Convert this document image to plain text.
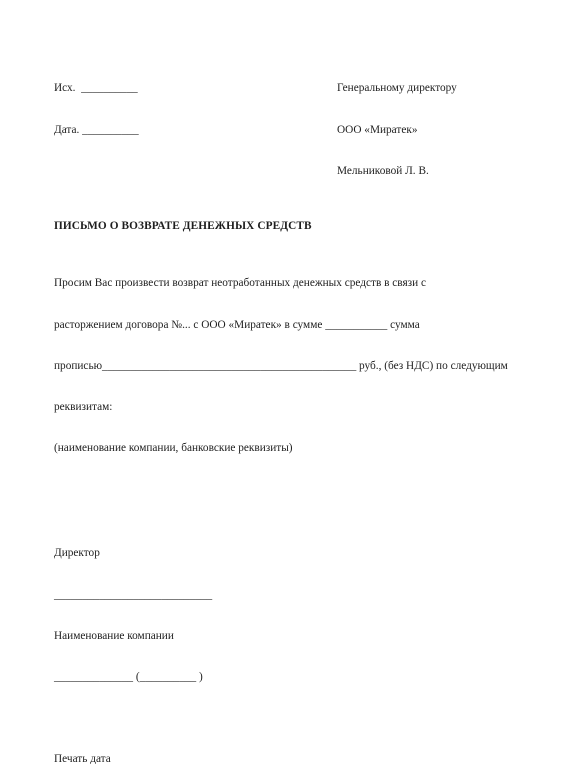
Исх.  __________

Дата. __________

Генеральному директору

ООО «Миратек»

Мельниковой Л. В.

ПИСЬМО О ВОЗВРАТЕ ДЕНЕЖНЫХ СРЕДСТВ

Просим Вас произвести возврат неотработанных денежных средств в связи с

расторжением договора №... с ООО «Миратек» в сумме ___________ сумма

прописью_____________________________________________ руб., (без НДС) по следующим

реквизитам:

(наименование компании, банковские реквизиты)

Директор

____________________________

Наименование компании

______________ (__________ )

Печать дата
